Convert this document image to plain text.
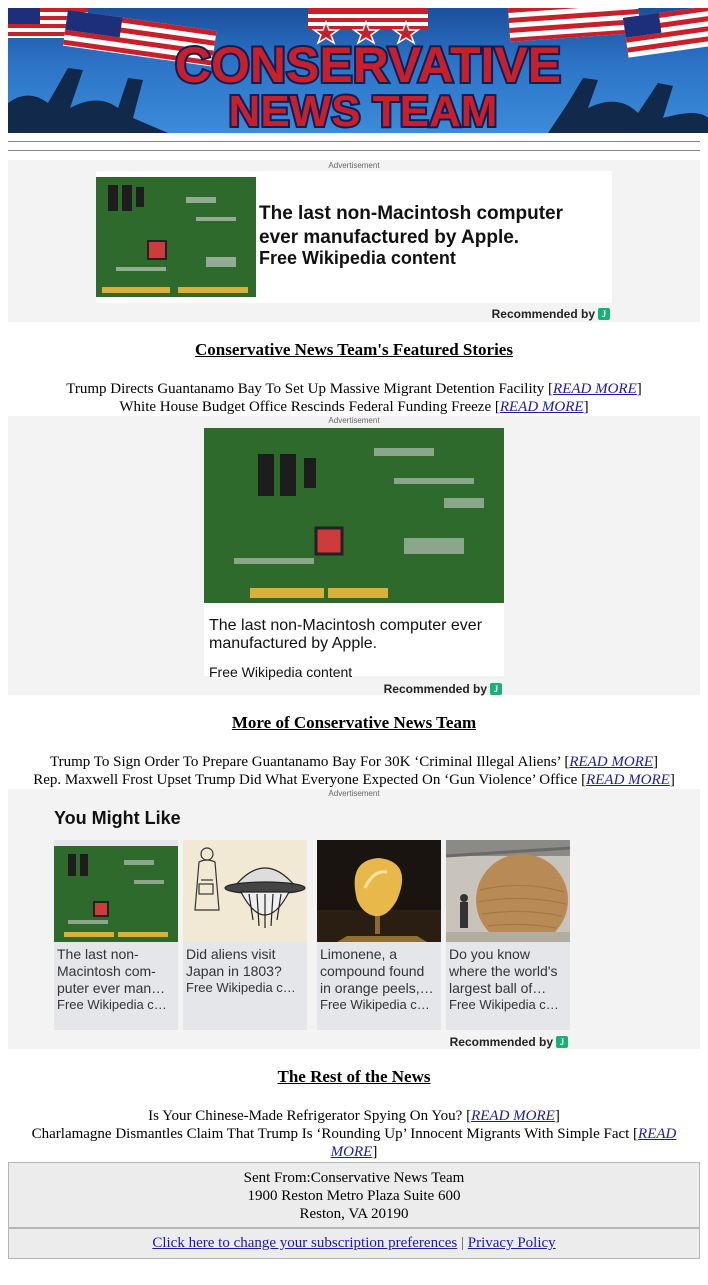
CONSERVATIVE
NEWS TEAM
Advertisement
The last non-Macintosh computer ever manufactured by Apple.
Free Wikipedia content
Recommended by J
Conservative News Team's Featured Stories
Trump Directs Guantanamo Bay To Set Up Massive Migrant Detention Facility [READ MORE]
White House Budget Office Rescinds Federal Funding Freeze [READ MORE]
Advertisement
The last non-Macintosh computer ever manufactured by Apple.
Free Wikipedia content
Recommended by J
More of Conservative News Team
Trump To Sign Order To Prepare Guantanamo Bay For 30K ‘Criminal Illegal Aliens’ [READ MORE]
Rep. Maxwell Frost Upset Trump Did What Everyone Expected On ‘Gun Violence’ Office [READ MORE]
Advertisement
You Might Like
The last non-Macintosh com-puter ever man…
Free Wikipedia c…
Did aliens visit Japan in 1803?
Free Wikipedia c…
Limonene, a compound found in orange peels,…
Free Wikipedia c…
Do you know where the world's largest ball of…
Free Wikipedia c…
Recommended by J
The Rest of the News
Is Your Chinese-Made Refrigerator Spying On You? [READ MORE]
Charlamagne Dismantles Claim That Trump Is ‘Rounding Up’ Innocent Migrants With Simple Fact [READ MORE]
Sent From:Conservative News Team
1900 Reston Metro Plaza Suite 600
Reston, VA 20190
Click here to change your subscription preferences | Privacy Policy
